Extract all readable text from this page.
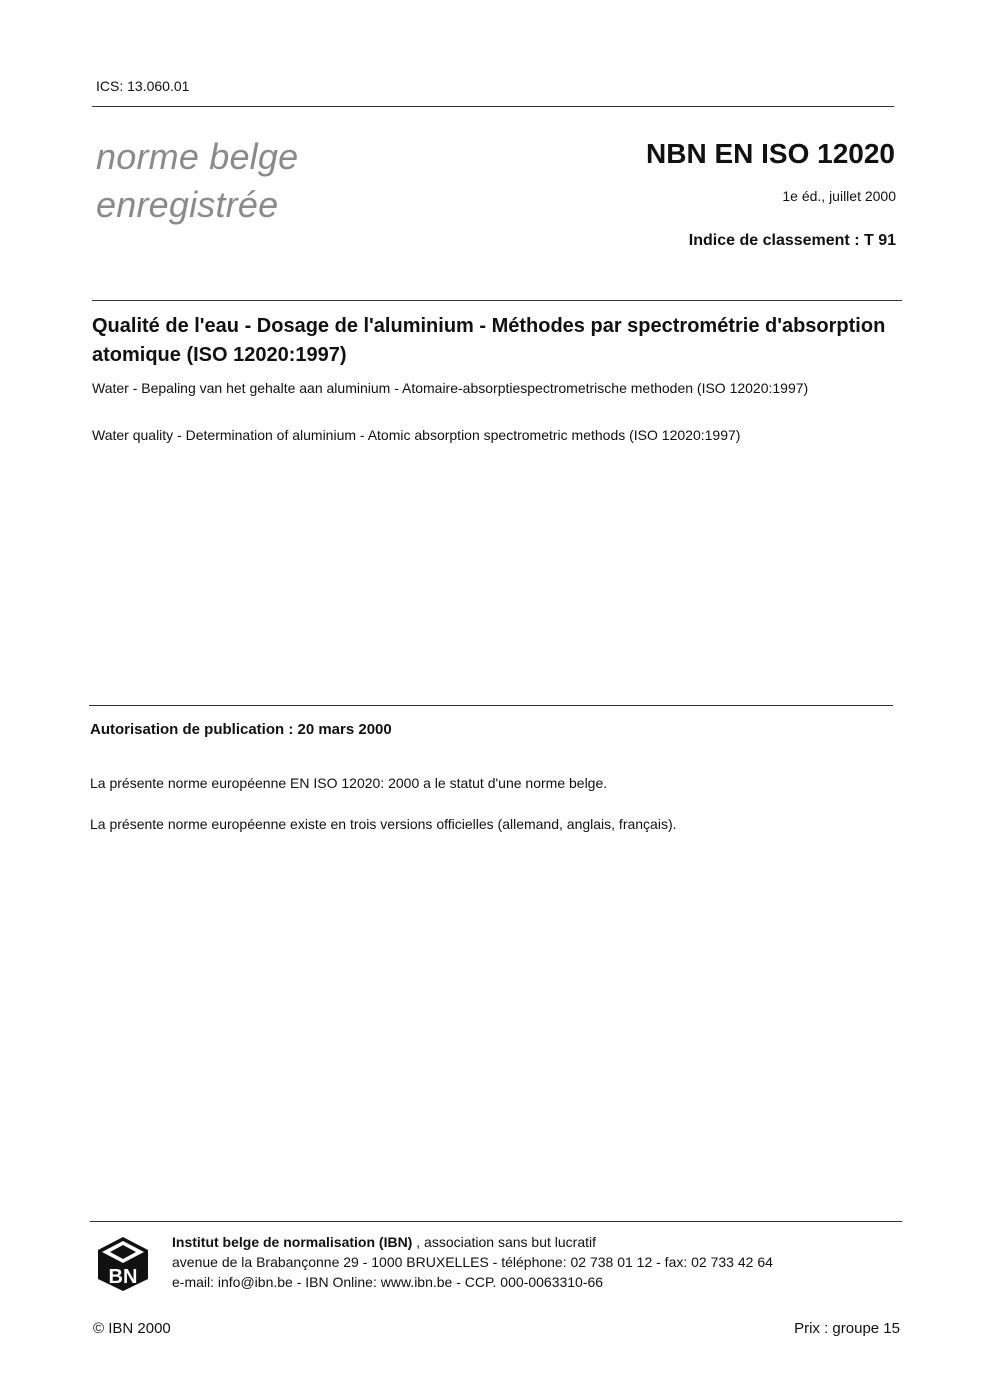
ICS: 13.060.01
norme belge
enregistrée
NBN EN ISO 12020
1e éd., juillet 2000
Indice de classement : T 91
Qualité de l'eau - Dosage de l'aluminium - Méthodes par spectrométrie d'absorption atomique (ISO 12020:1997)
Water - Bepaling van het gehalte aan aluminium - Atomaire-absorptiespectrometrische methoden (ISO 12020:1997)
Water quality - Determination of aluminium - Atomic absorption spectrometric methods (ISO 12020:1997)
Autorisation de publication : 20 mars 2000
La présente norme européenne EN ISO 12020: 2000 a le statut d'une norme belge.
La présente norme européenne existe en trois versions officielles (allemand, anglais, français).
BN
Institut belge de normalisation (IBN) , association sans but lucratif
avenue de la Brabançonne 29 - 1000 BRUXELLES - téléphone: 02 738 01 12 - fax: 02 733 42 64
e-mail: info@ibn.be - IBN Online: www.ibn.be - CCP. 000-0063310-66
© IBN 2000	Prix : groupe 15
